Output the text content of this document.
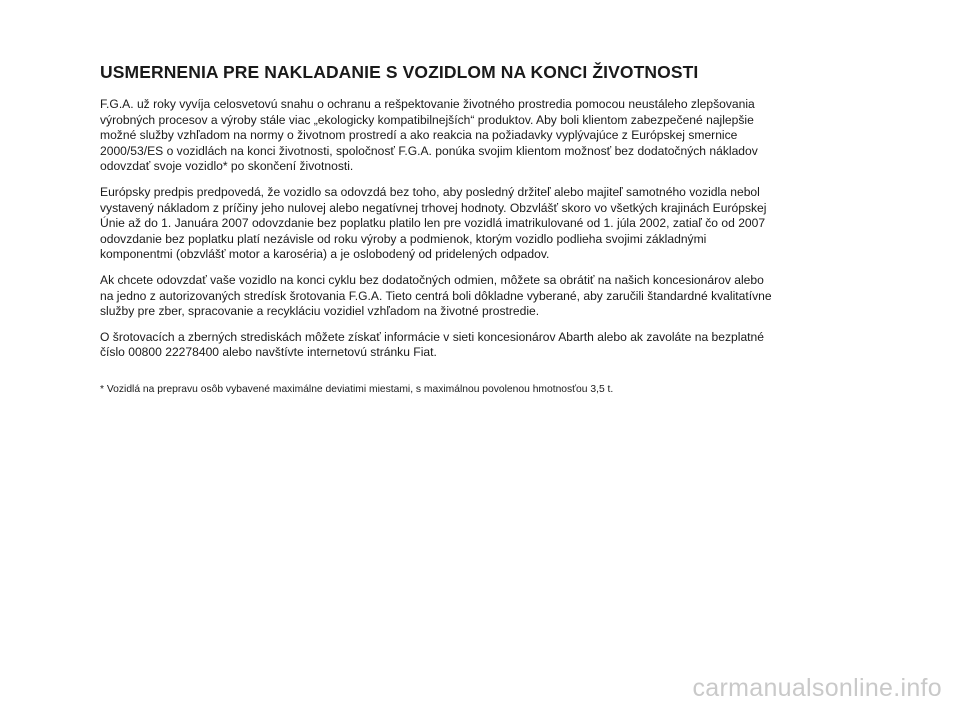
USMERNENIA PRE NAKLADANIE S VOZIDLOM NA KONCI ŽIVOTNOSTI
F.G.A. už roky vyvíja celosvetovú snahu o ochranu a rešpektovanie životného prostredia pomocou neustáleho zlepšovania
výrobných procesov a výroby stále viac „ekologicky kompatibilnejších“ produktov. Aby boli klientom zabezpečené najlepšie
možné služby vzhľadom na normy o životnom prostredí a ako reakcia na požiadavky vyplývajúce z Európskej smernice
2000/53/ES o vozidlách na konci životnosti, spoločnosť F.G.A. ponúka svojim klientom možnosť bez dodatočných nákladov
odovzdať svoje vozidlo* po skončení životnosti.
Európsky predpis predpovedá, že vozidlo sa odovzdá bez toho, aby posledný držiteľ alebo majiteľ samotného vozidla nebol
vystavený nákladom z príčiny jeho nulovej alebo negatívnej trhovej hodnoty. Obzvlášť skoro vo všetkých krajinách Európskej
Únie až do 1. Januára 2007 odovzdanie bez poplatku platilo len pre vozidlá imatrikulované od 1. júla 2002, zatiaľ čo od 2007
odovzdanie bez poplatku platí nezávisle od roku výroby a podmienok, ktorým vozidlo podlieha svojimi základnými
komponentmi (obzvlášť motor a karoséria) a je oslobodený od pridelených odpadov.
Ak chcete odovzdať vaše vozidlo na konci cyklu bez dodatočných odmien, môžete sa obrátiť na našich koncesionárov alebo
na jedno z autorizovaných stredísk šrotovania F.G.A. Tieto centrá boli dôkladne vyberané, aby zaručili štandardné kvalitatívne
služby pre zber, spracovanie a recykláciu vozidiel vzhľadom na životné prostredie.
O šrotovacích a zberných strediskách môžete získať informácie v sieti koncesionárov Abarth alebo ak zavoláte na bezplatné
číslo 00800 22278400 alebo navštívte internetovú stránku Fiat.
* Vozidlá na prepravu osôb vybavené maximálne deviatimi miestami, s maximálnou povolenou hmotnosťou 3,5 t.
carmanualsonline.info
